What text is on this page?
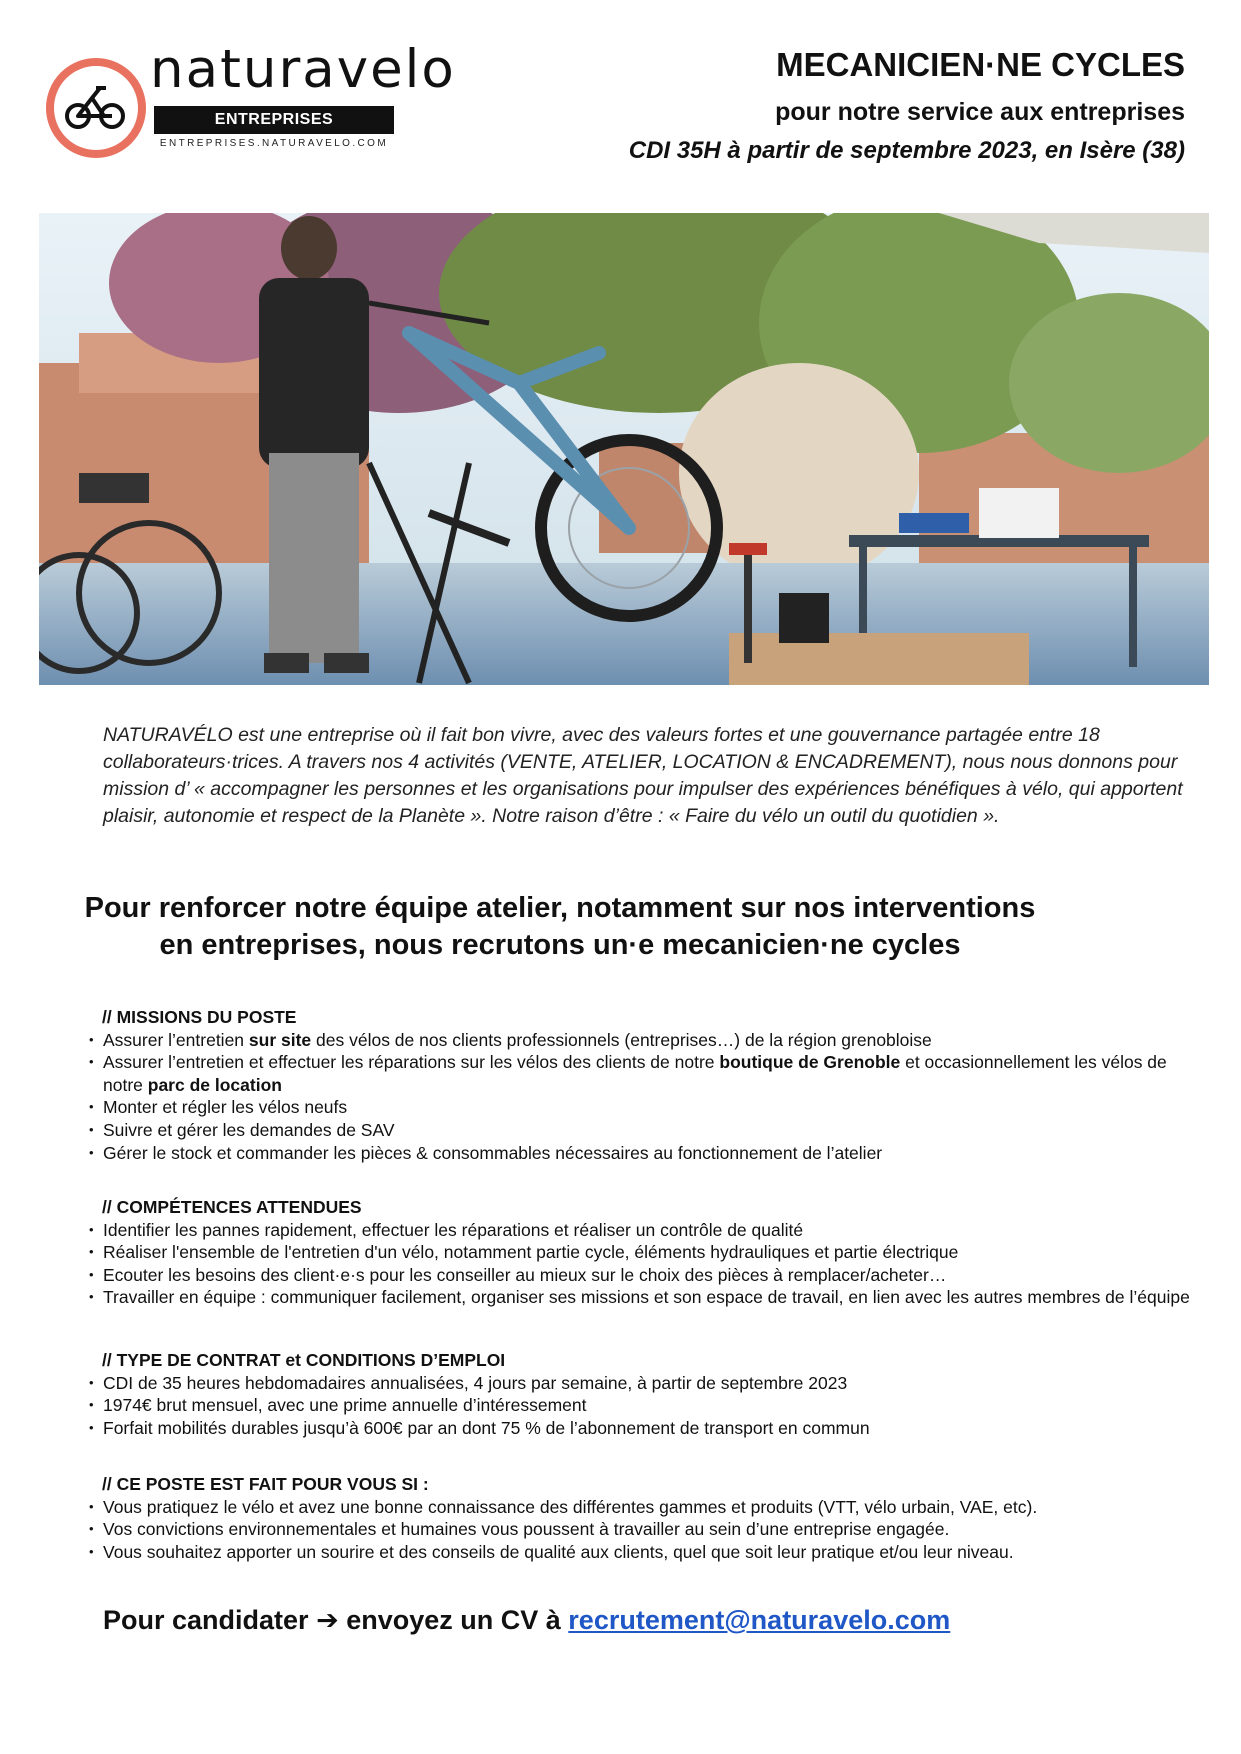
naturavelo
ENTREPRISES
ENTREPRISES.NATURAVELO.COM
MECANICIEN·NE CYCLES
pour notre service aux entreprises
CDI 35H à partir de septembre 2023, en Isère (38)

NATURAVÉLO est une entreprise où il fait bon vivre, avec des valeurs fortes et une gouvernance partagée entre 18 collaborateurs·trices. A travers nos 4 activités (VENTE, ATELIER, LOCATION & ENCADREMENT), nous nous donnons pour mission d’ « accompagner les personnes et les organisations pour impulser des expériences bénéfiques à vélo, qui apportent plaisir, autonomie et respect de la Planète ». Notre raison d’être : « Faire du vélo un outil du quotidien ».

Pour renforcer notre équipe atelier, notamment sur nos interventions
en entreprises, nous recrutons un·e mecanicien·ne cycles
// MISSIONS DU POSTE
• Assurer l’entretien sur site des vélos de nos clients professionnels (entreprises…) de la région grenobloise
• Assurer l’entretien et effectuer les réparations sur les vélos des clients de notre boutique de Grenoble et occasionnellement les vélos de notre parc de location
• Monter et régler les vélos neufs
• Suivre et gérer les demandes de SAV
• Gérer le stock et commander les pièces & consommables nécessaires au fonctionnement de l’atelier
// COMPÉTENCES ATTENDUES
• Identifier les pannes rapidement, effectuer les réparations et réaliser un contrôle de qualité
• Réaliser l'ensemble de l'entretien d'un vélo, notamment partie cycle, éléments hydrauliques et partie électrique
• Ecouter les besoins des client·e·s pour les conseiller au mieux sur le choix des pièces à remplacer/acheter…
• Travailler en équipe : communiquer facilement, organiser ses missions et son espace de travail, en lien avec les autres membres de l’équipe
// TYPE DE CONTRAT et CONDITIONS D’EMPLOI
• CDI de 35 heures hebdomadaires annualisées, 4 jours par semaine, à partir de septembre 2023
• 1974€ brut mensuel, avec une prime annuelle d’intéressement
• Forfait mobilités durables jusqu’à 600€ par an dont 75 % de l’abonnement de transport en commun
// CE POSTE EST FAIT POUR VOUS SI :
• Vous pratiquez le vélo et avez une bonne connaissance des différentes gammes et produits (VTT, vélo urbain, VAE, etc).
• Vos convictions environnementales et humaines vous poussent à travailler au sein d’une entreprise engagée.
• Vous souhaitez apporter un sourire et des conseils de qualité aux clients, quel que soit leur pratique et/ou leur niveau.
Pour candidater ➔ envoyez un CV à recrutement@naturavelo.com
